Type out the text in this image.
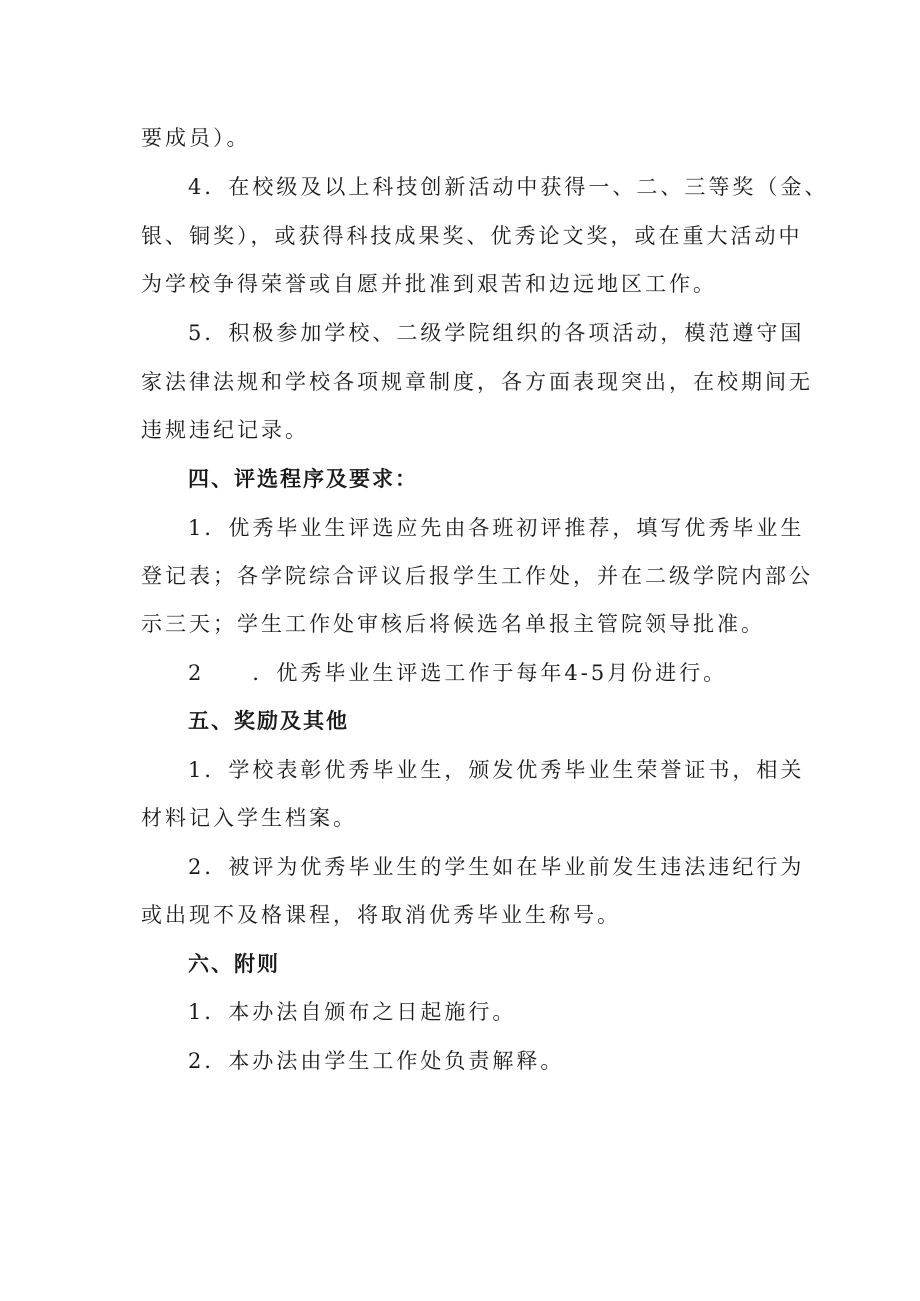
要成员）。
4．在校级及以上科技创新活动中获得一、二、三等奖（金、
银、铜奖），或获得科技成果奖、优秀论文奖，或在重大活动中
为学校争得荣誉或自愿并批准到艰苦和边远地区工作。
5．积极参加学校、二级学院组织的各项活动，模范遵守国
家法律法规和学校各项规章制度，各方面表现突出，在校期间无
违规违纪记录。
四、评选程序及要求：
1．优秀毕业生评选应先由各班初评推荐，填写优秀毕业生
登记表；各学院综合评议后报学生工作处，并在二级学院内部公
示三天；学生工作处审核后将候选名单报主管院领导批准。
2　　．优秀毕业生评选工作于每年4-5月份进行。
五、奖励及其他
1．学校表彰优秀毕业生，颁发优秀毕业生荣誉证书，相关
材料记入学生档案。
2．被评为优秀毕业生的学生如在毕业前发生违法违纪行为
或出现不及格课程，将取消优秀毕业生称号。
六、附则
1．本办法自颁布之日起施行。
2．本办法由学生工作处负责解释。
